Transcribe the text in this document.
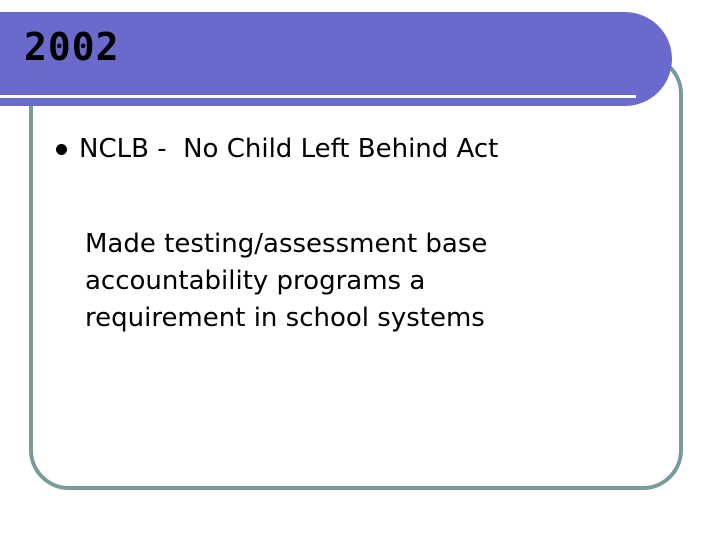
2002
NCLB -  No Child Left Behind Act
Made testing/assessment base
accountability programs a
requirement in school systems
